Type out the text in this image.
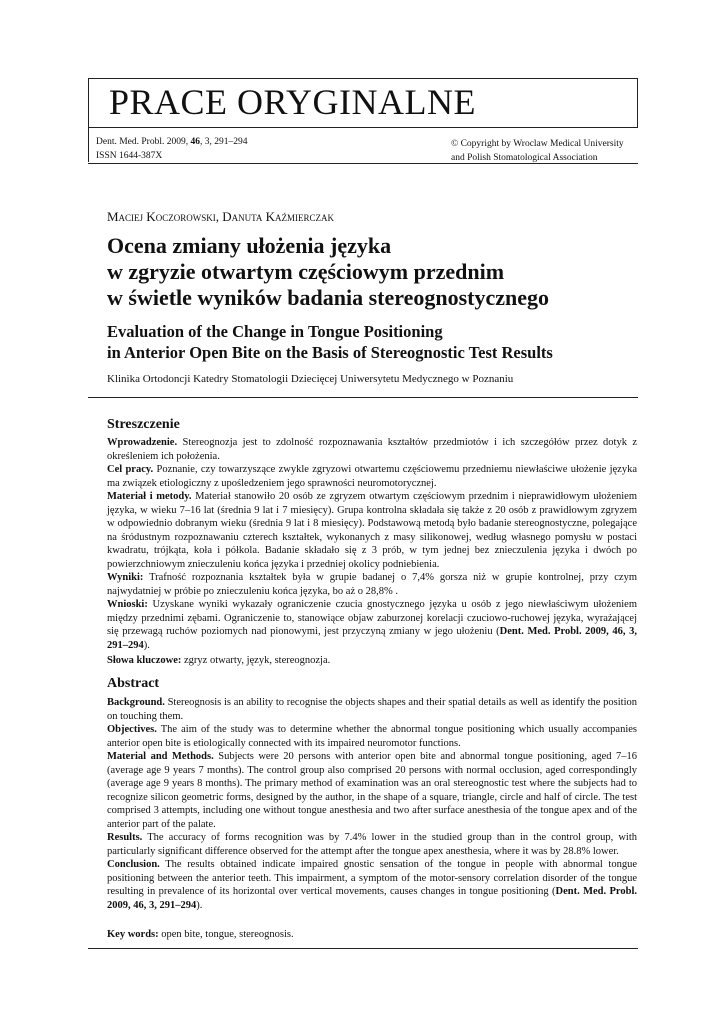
PRACE ORYGINALNE
Dent. Med. Probl. 2009, 46, 3, 291–294
ISSN 1644-387X
© Copyright by Wroclaw Medical University
and Polish Stomatological Association
Maciej Koczorowski, Danuta Kaźmierczak
Ocena zmiany ułożenia języka
w zgryzie otwartym częściowym przednim
w świetle wyników badania stereognostycznego
Evaluation of the Change in Tongue Positioning
in Anterior Open Bite on the Basis of Stereognostic Test Results
Klinika Ortodoncji Katedry Stomatologii Dziecięcej Uniwersytetu Medycznego w Poznaniu
Streszczenie

Wprowadzenie. Stereognozja jest to zdolność rozpoznawania kształtów przedmiotów i ich szczegółów przez dotyk z określeniem ich położenia.

Cel pracy. Poznanie, czy towarzyszące zwykle zgryzowi otwartemu częściowemu przedniemu niewłaściwe ułożenie języka ma związek etiologiczny z upośledzeniem jego sprawności neuromotorycznej.

Materiał i metody. Materiał stanowiło 20 osób ze zgryzem otwartym częściowym przednim i nieprawidłowym ułożeniem języka, w wieku 7–16 lat (średnia 9 lat i 7 miesięcy). Grupa kontrolna składała się także z 20 osób z prawidłowym zgryzem w odpowiednio dobranym wieku (średnia 9 lat i 8 miesięcy). Podstawową metodą było badanie stereognostyczne, polegające na śródustnym rozpoznawaniu czterech kształtek, wykonanych z masy silikonowej, według własnego pomysłu w postaci kwadratu, trójkąta, koła i półkola. Badanie składało się z 3 prób, w tym jednej bez znieczulenia języka i dwóch po powierzchniowym znieczuleniu końca języka i przedniej okolicy podniebienia.

Wyniki: Trafność rozpoznania kształtek była w grupie badanej o 7,4% gorsza niż w grupie kontrolnej, przy czym najwydatniej w próbie po znieczuleniu końca języka, bo aż o 28,8% .

Wnioski: Uzyskane wyniki wykazały ograniczenie czucia gnostycznego języka u osób z jego niewłaściwym ułożeniem między przednimi zębami. Ograniczenie to, stanowiące objaw zaburzonej korelacji czuciowo-ruchowej języka, wyrażającej się przewagą ruchów poziomych nad pionowymi, jest przyczyną zmiany w jego ułożeniu (Dent. Med. Probl. 2009, 46, 3, 291–294).

Słowa kluczowe: zgryz otwarty, język, stereognozja.
Abstract

Background. Stereognosis is an ability to recognise the objects shapes and their spatial details as well as identify the position on touching them.

Objectives. The aim of the study was to determine whether the abnormal tongue positioning which usually accompanies anterior open bite is etiologically connected with its impaired neuromotor functions.

Material and Methods. Subjects were 20 persons with anterior open bite and abnormal tongue positioning, aged 7–16 (average age 9 years 7 months). The control group also comprised 20 persons with normal occlusion, aged correspondingly (average age 9 years 8 months). The primary method of examination was an oral stereognostic test where the subjects had to recognize silicon geometric forms, designed by the author, in the shape of a square, triangle, circle and half of circle. The test comprised 3 attempts, including one without tongue anesthesia and two after surface anesthesia of the tongue apex and of the anterior part of the palate.

Results. The accuracy of forms recognition was by 7.4% lower in the studied group than in the control group, with particularly significant difference observed for the attempt after the tongue apex anesthesia, where it was by 28.8% lower.

Conclusion. The results obtained indicate impaired gnostic sensation of the tongue in people with abnormal tongue positioning between the anterior teeth. This impairment, a symptom of the motor-sensory correlation disorder of the tongue resulting in prevalence of its horizontal over vertical movements, causes changes in tongue positioning (Dent. Med. Probl. 2009, 46, 3, 291–294).

Key words: open bite, tongue, stereognosis.
